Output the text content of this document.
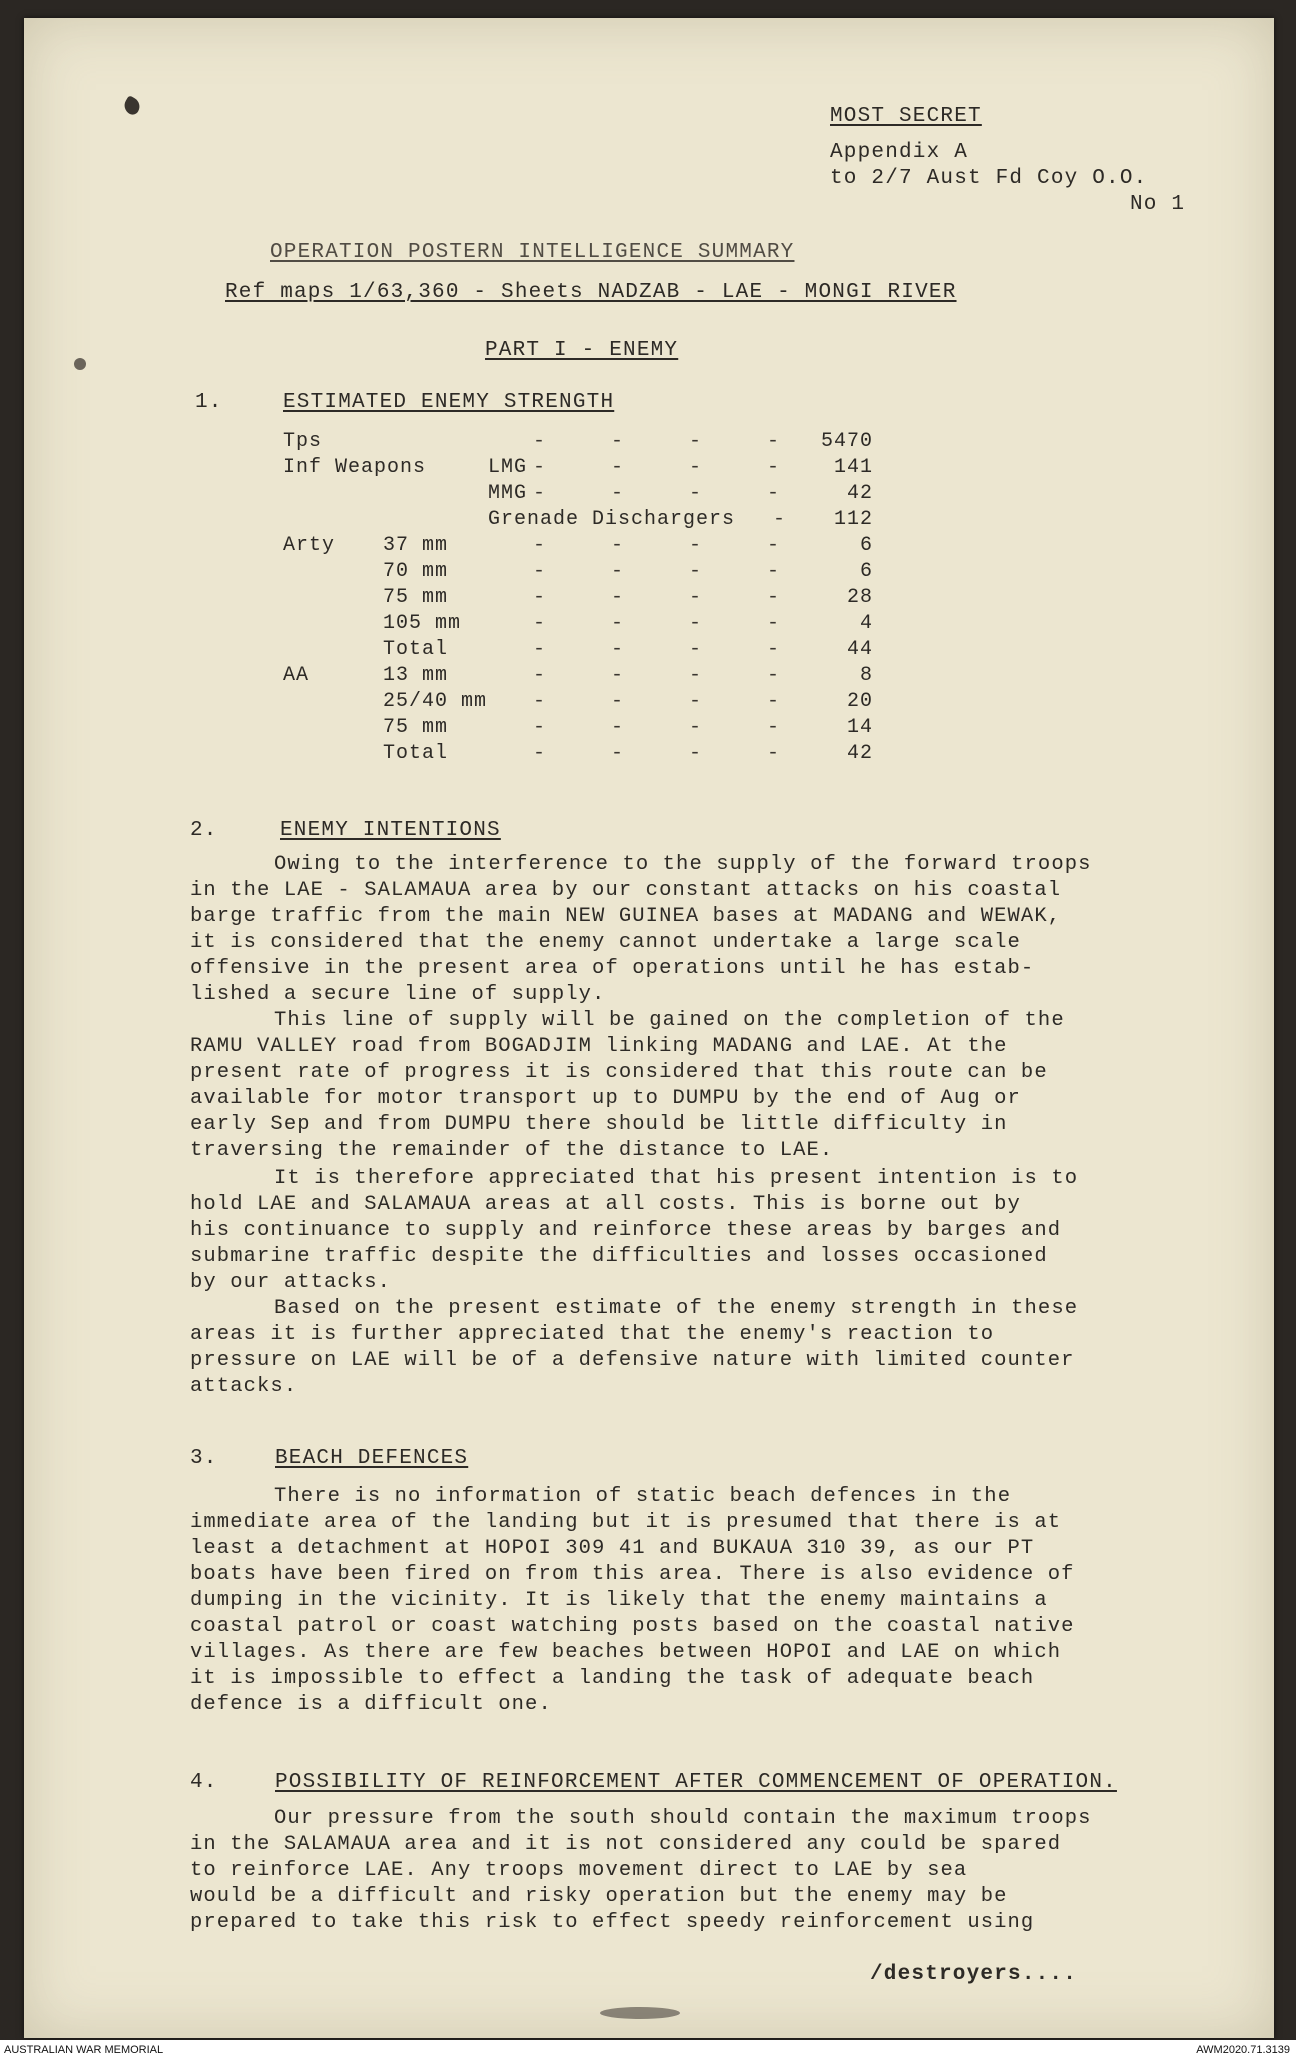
MOST SECRET
Appendix A
to 2/7 Aust Fd Coy O.O.
No 1
OPERATION POSTERN INTELLIGENCE SUMMARY
Ref maps 1/63,360 - Sheets NADZAB - LAE - MONGI RIVER
PART I - ENEMY
1.	ESTIMATED ENEMY STRENGTH
Tps	-     -     -     -	5470
Inf Weapons	LMG -     -     -     -	141
MMG -     -     -     -	42
Grenade Dischargers -	112
Arty 37 mm	-     -     -     -	6
70 mm	-     -     -     -	6
75 mm	-     -     -     -	28
105 mm	-     -     -     -	4
Total	-     -     -     -	44
AA	13 mm	-     -     -     -	8
25/40 mm -     -     -     -	20
75 mm	-     -     -     -	14
Total	-     -     -     -	42
2.	ENEMY INTENTIONS
Owing to the interference to the supply of the forward troops
in the LAE - SALAMAUA area by our constant attacks on his coastal
barge traffic from the main NEW GUINEA bases at MADANG and WEWAK,
it is considered that the enemy cannot undertake a large scale
offensive in the present area of operations until he has estab-
lished a secure line of supply.
This line of supply will be gained on the completion of the
RAMU VALLEY road from BOGADJIM linking MADANG and LAE. At the
present rate of progress it is considered that this route can be
available for motor transport up to DUMPU by the end of Aug or
early Sep and from DUMPU there should be little difficulty in
traversing the remainder of the distance to LAE.
It is therefore appreciated that his present intention is to
hold LAE and SALAMAUA areas at all costs. This is borne out by
his continuance to supply and reinforce these areas by barges and
submarine traffic despite the difficulties and losses occasioned
by our attacks.
Based on the present estimate of the enemy strength in these
areas it is further appreciated that the enemy's reaction to
pressure on LAE will be of a defensive nature with limited counter
attacks.
3.	BEACH DEFENCES
There is no information of static beach defences in the
immediate area of the landing but it is presumed that there is at
least a detachment at HOPOI 309 41 and BUKAUA 310 39, as our PT
boats have been fired on from this area. There is also evidence of
dumping in the vicinity. It is likely that the enemy maintains a
coastal patrol or coast watching posts based on the coastal native
villages. As there are few beaches between HOPOI and LAE on which
it is impossible to effect a landing the task of adequate beach
defence is a difficult one.
4.	POSSIBILITY OF REINFORCEMENT AFTER COMMENCEMENT OF OPERATION.
Our pressure from the south should contain the maximum troops
in the SALAMAUA area and it is not considered any could be spared
to reinforce LAE. Any troops movement direct to LAE by sea
would be a difficult and risky operation but the enemy may be
prepared to take this risk to effect speedy reinforcement using
/destroyers....
AUSTRALIAN WAR MEMORIAL	AWM2020.71.3139
